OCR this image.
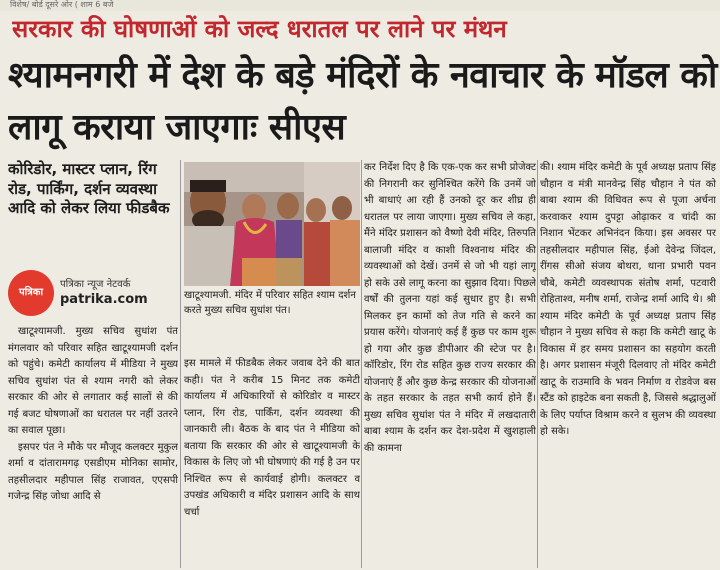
विशेष/ बोर्ड दूसरे ओर ( शाम 6 बजे
सरकार की घोषणाओं को जल्द धरातल पर लाने पर मंथन
श्यामनगरी में देश के बड़े मंदिरों के नवाचार के मॉडल को लागू कराया जाएगाः सीएस
कोरिडोर, मास्टर प्लान, रिंग रोड, पार्किंग, दर्शन व्यवस्था आदि को लेकर लिया फीडबैक
पत्रिका
पत्रिका न्यूज नेटवर्क
patrika.com	खाटूश्यामजी. मंदिर में परिवार सहित श्याम दर्शन करते मुख्य सचिव सुधांश पंत।

खाटूश्यामजी. मुख्य सचिव सुधांश पंत मंगलवार को परिवार सहित खाटूश्यामजी दर्शन को पहुंचे। कमेटी कार्यालय में मीडिया ने मुख्य सचिव सुधांश पंत से श्याम नगरी को लेकर सरकार की ओर से लगातार कई सालों से की गई बजट घोषणाओं का धरातल पर नहीं उतरने का सवाल पूछा।

इसपर पंत ने मौके पर मौजूद कलक्टर मुकुल शर्मा व दांतारामगढ़ एसडीएम मोनिका सामोर, तहसीलदार महीपाल सिंह राजावत, एएसपी गजेन्द्र सिंह जोधा आदि से

इस मामले में फीडबैक लेकर जवाब देने की बात कही। पंत ने करीब 15 मिनट तक कमेटी कार्यालय में अधिकारियों से कोरिडोर व मास्टर प्लान, रिंग रोड, पार्किंग, दर्शन व्यवस्था की जानकारी ली। बैठक के बाद पंत ने मीडिया को बताया कि सरकार की ओर से खाटूश्यामजी के विकास के लिए जो भी घोषणाएं की गई है उन पर निश्चित रूप से कार्यवाई होगी। कलक्टर व उपखंड अधिकारी व मंदिर प्रशासन आदि के साथ चर्चा

कर निर्देश दिए है कि एक-एक कर सभी प्रोजेक्ट की निगरानी कर सुनिश्चित करेंगे कि उनमें जो भी बाधाएं आ रही हैं उनको दूर कर शीघ्र ही धरातल पर लाया जाएगा। मुख्य सचिव ले कहा, मैंने मंदिर प्रशासन को वैष्णो देवी मंदिर, तिरुपति बालाजी मंदिर व काशी विश्वनाथ मंदिर की व्यवस्थाओं को देखें। उनमें से जो भी यहां लागू हो सके उसे लागू करना का सुझाव दिया। पिछले वर्षों की तुलना यहां कई सुधार हुए है। सभी मिलकर इन कामों को तेज गति से करने का प्रयास करेंगे। योजनाएं कई हैं कुछ पर काम शुरू हो गया और कुछ डीपीआर की स्टेज पर है। कॉरिडोर, रिंग रोड सहित कुछ राज्य सरकार की योजनाएं हैं और कुछ केन्द्र सरकार की योजनाओं के तहत सरकार के तहत सभी कार्य होने हैं। मुख्य सचिव सुधांश पंत ने मंदिर में लखदातारी बाबा श्याम के दर्शन कर देश-प्रदेश में खुशहाली की कामना

की। श्याम मंदिर कमेटी के पूर्व अध्यक्ष प्रताप सिंह चौहान व मंत्री मानवेन्द्र सिंह चौहान ने पंत को बाबा श्याम की विधिवत रूप से पूजा अर्चना करवाकर श्याम दुपट्टा ओढ़ाकर व चांदी का निशान भेंटकर अभिनंदन किया। इस अवसर पर तहसीलदार महीपाल सिंह, ईओ देवेन्द्र जिंदल, रींगस सीओ संजय बोथरा, थाना प्रभारी पवन चौबे, कमेटी व्यवस्थापक संतोष शर्मा, पटवारी रोहिताश्व, मनीष शर्मा, राजेन्द्र शर्मा आदि थे। श्री श्याम मंदिर कमेटी के पूर्व अध्यक्ष प्रताप सिंह चौहान ने मुख्य सचिव से कहा कि कमेटी खाटू के विकास में हर समय प्रशासन का सहयोग करती है। अगर प्रशासन मंजूरी दिलवाए तो मंदिर कमेटी खाटू के राउमावि के भवन निर्माण व रोडवेज बस स्टैंड को हाइटेक बना सकती है, जिससे श्रद्धालुओं के लिए पर्याप्त विश्राम करने व सुलभ की व्यवस्था हो सके।
